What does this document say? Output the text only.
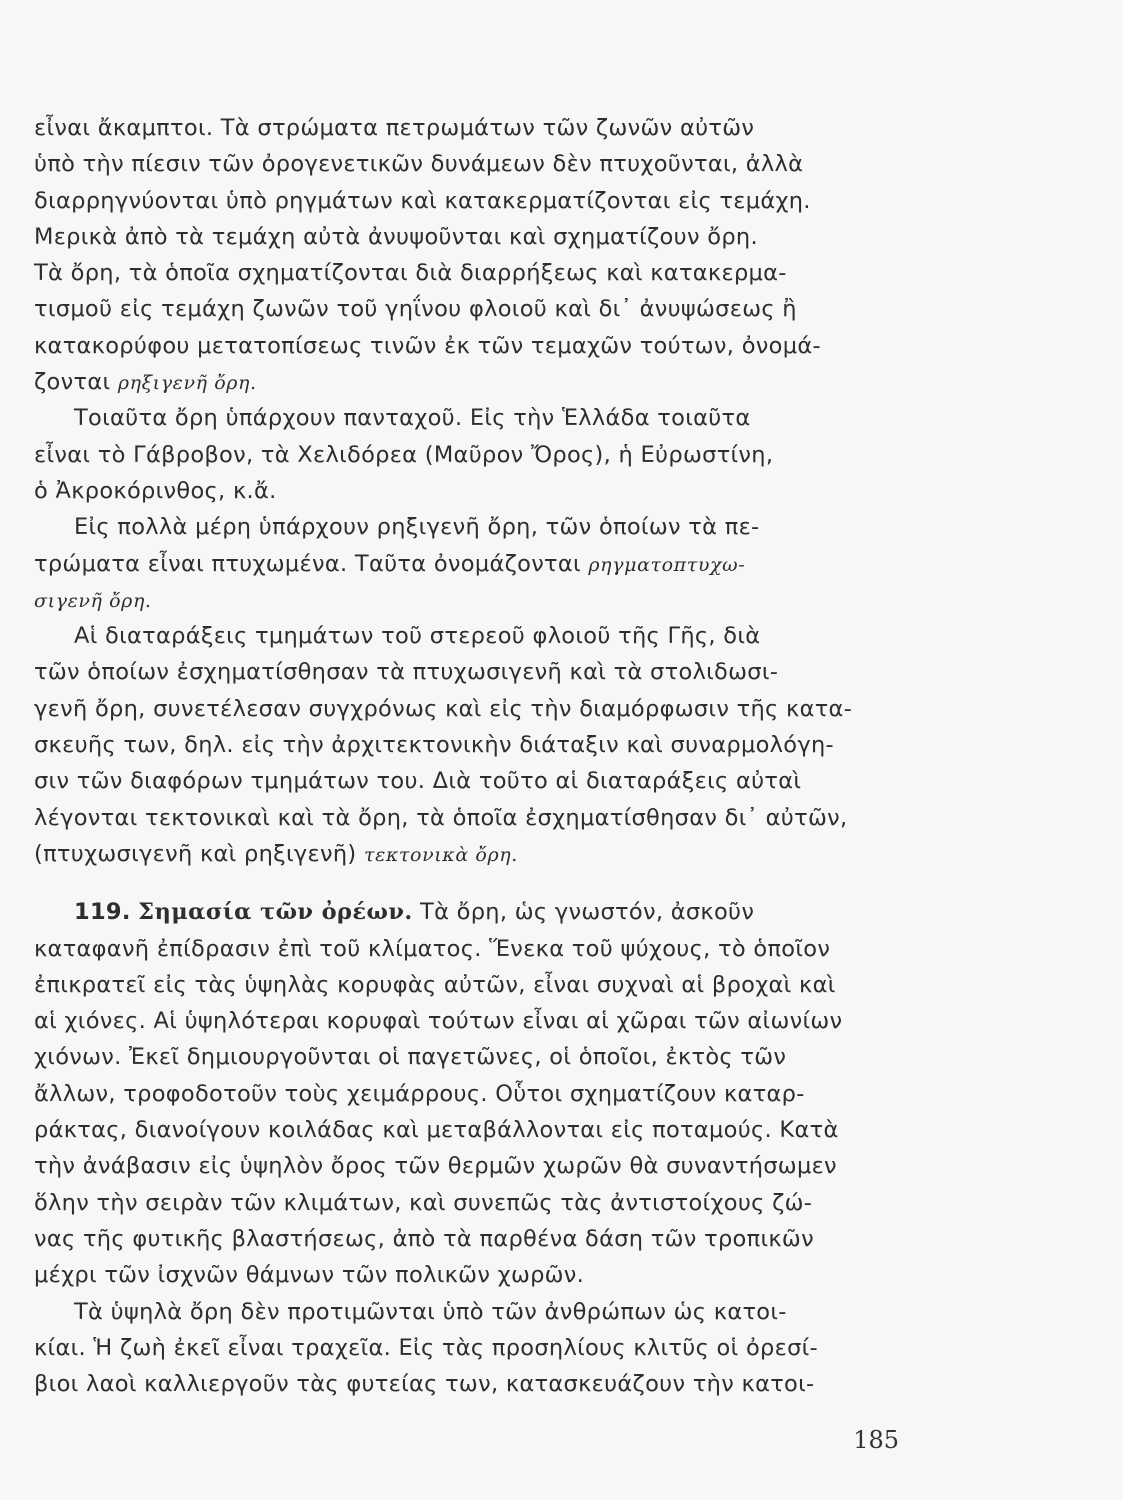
εἶναι ἄκαμπτοι. Τὰ στρώματα πετρωμάτων τῶν ζωνῶν αὐτῶν
ὑπὸ τὴν πίεσιν τῶν ὀρογενετικῶν δυνάμεων δὲν πτυχοῦνται, ἀλλὰ
διαρρηγνύονται ὑπὸ ρηγμάτων καὶ κατακερματίζονται εἰς τεμάχη.
Μερικὰ ἀπὸ τὰ τεμάχη αὐτὰ ἀνυψοῦνται καὶ σχηματίζουν ὄρη.
Τὰ ὄρη, τὰ ὁποῖα σχηματίζονται διὰ διαρρήξεως καὶ κατακερμα-
τισμοῦ εἰς τεμάχη ζωνῶν τοῦ γηΐνου φλοιοῦ καὶ δι᾽ ἀνυψώσεως ἢ
κατακορύφου μετατοπίσεως τινῶν ἐκ τῶν τεμαχῶν τούτων, ὀνομά-
ζονται ρηξιγενῆ ὄρη.
Τοιαῦτα ὄρη ὑπάρχουν πανταχοῦ. Εἰς τὴν Ἑλλάδα τοιαῦτα
εἶναι τὸ Γάβροβον, τὰ Χελιδόρεα (Μαῦρον Ὄρος), ἡ Εὐρωστίνη,
ὁ Ἀκροκόρινθος, κ.ἄ.
Εἰς πολλὰ μέρη ὑπάρχουν ρηξιγενῆ ὄρη, τῶν ὁποίων τὰ πε-
τρώματα εἶναι πτυχωμένα. Ταῦτα ὀνομάζονται ρηγματοπτυχω-
σιγενῆ ὄρη.
Αἱ διαταράξεις τμημάτων τοῦ στερεοῦ φλοιοῦ τῆς Γῆς, διὰ
τῶν ὁποίων ἐσχηματίσθησαν τὰ πτυχωσιγενῆ καὶ τὰ στολιδωσι-
γενῆ ὄρη, συνετέλεσαν συγχρόνως καὶ εἰς τὴν διαμόρφωσιν τῆς κατα-
σκευῆς των, δηλ. εἰς τὴν ἀρχιτεκτονικὴν διάταξιν καὶ συναρμολόγη-
σιν τῶν διαφόρων τμημάτων του. Διὰ τοῦτο αἱ διαταράξεις αὐταὶ
λέγονται τεκτονικαὶ καὶ τὰ ὄρη, τὰ ὁποῖα ἐσχηματίσθησαν δι᾽ αὐτῶν,
(πτυχωσιγενῆ καὶ ρηξιγενῆ) τεκτονικὰ ὄρη.
119. Σημασία τῶν ὀρέων. Τὰ ὄρη, ὡς γνωστόν, ἀσκοῦν
καταφανῆ ἐπίδρασιν ἐπὶ τοῦ κλίματος. Ἕνεκα τοῦ ψύχους, τὸ ὁποῖον
ἐπικρατεῖ εἰς τὰς ὑψηλὰς κορυφὰς αὐτῶν, εἶναι συχναὶ αἱ βροχαὶ καὶ
αἱ χιόνες. Αἱ ὑψηλότεραι κορυφαὶ τούτων εἶναι αἱ χῶραι τῶν αἰωνίων
χιόνων. Ἐκεῖ δημιουργοῦνται οἱ παγετῶνες, οἱ ὁποῖοι, ἐκτὸς τῶν
ἄλλων, τροφοδοτοῦν τοὺς χειμάρρους. Οὗτοι σχηματίζουν καταρ-
ράκτας, διανοίγουν κοιλάδας καὶ μεταβάλλονται εἰς ποταμούς. Κατὰ
τὴν ἀνάβασιν εἰς ὑψηλὸν ὄρος τῶν θερμῶν χωρῶν θὰ συναντήσωμεν
ὅλην τὴν σειρὰν τῶν κλιμάτων, καὶ συνεπῶς τὰς ἀντιστοίχους ζώ-
νας τῆς φυτικῆς βλαστήσεως, ἀπὸ τὰ παρθένα δάση τῶν τροπικῶν
μέχρι τῶν ἰσχνῶν θάμνων τῶν πολικῶν χωρῶν.
Τὰ ὑψηλὰ ὄρη δὲν προτιμῶνται ὑπὸ τῶν ἀνθρώπων ὡς κατοι-
κίαι. Ἡ ζωὴ ἐκεῖ εἶναι τραχεῖα. Εἰς τὰς προσηλίους κλιτῦς οἱ ὀρεσί-
βιοι λαοὶ καλλιεργοῦν τὰς φυτείας των, κατασκευάζουν τὴν κατοι-
185
